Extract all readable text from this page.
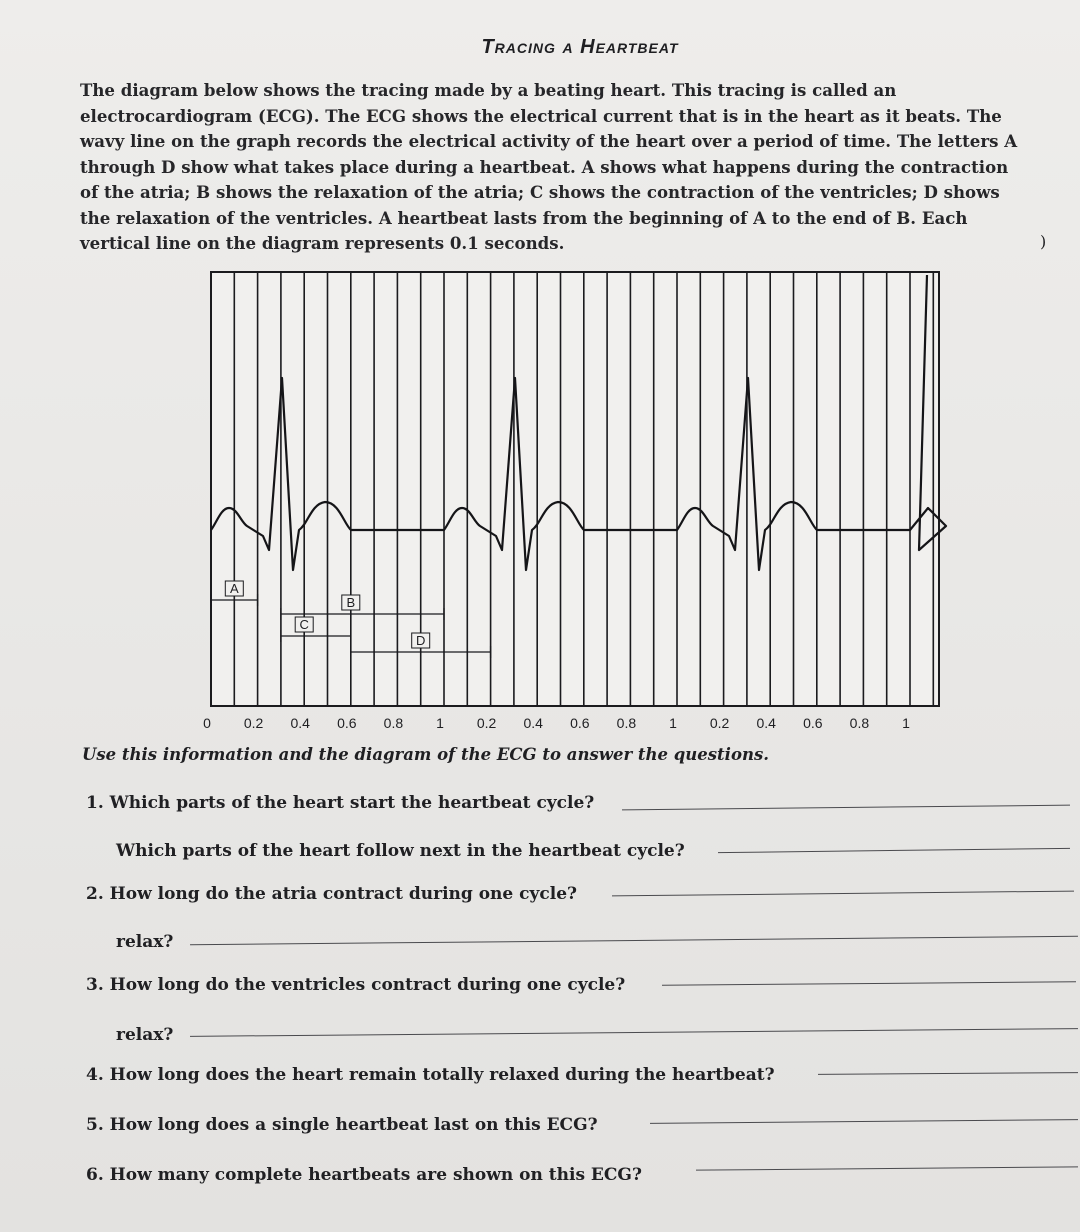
Tracing a Heartbeat
The diagram below shows the tracing made by a beating heart. This tracing is called an
electrocardiogram (ECG). The ECG shows the electrical current that is in the heart as it beats. The
wavy line on the graph records the electrical activity of the heart over a period of time. The letters A
through D show what takes place during a heartbeat. A shows what happens during the contraction
of the atria; B shows the relaxation of the atria; C shows the contraction of the ventricles; D shows
the relaxation of the ventricles. A heartbeat lasts from the beginning of A to the end of B. Each
vertical line on the diagram represents 0.1 seconds.	)
A
B
C
D
0 0.2 0.4 0.6 0.8 1 0.2 0.4 0.6 0.8 1 0.2 0.4 0.6 0.8 1
Use this information and the diagram of the ECG to answer the questions.
1. Which parts of the heart start the heartbeat cycle?
Which parts of the heart follow next in the heartbeat cycle?
2. How long do the atria contract during one cycle?
relax?
3. How long do the ventricles contract during one cycle?
relax?
4. How long does the heart remain totally relaxed during the heartbeat?
5. How long does a single heartbeat last on this ECG?
6. How many complete heartbeats are shown on this ECG?
